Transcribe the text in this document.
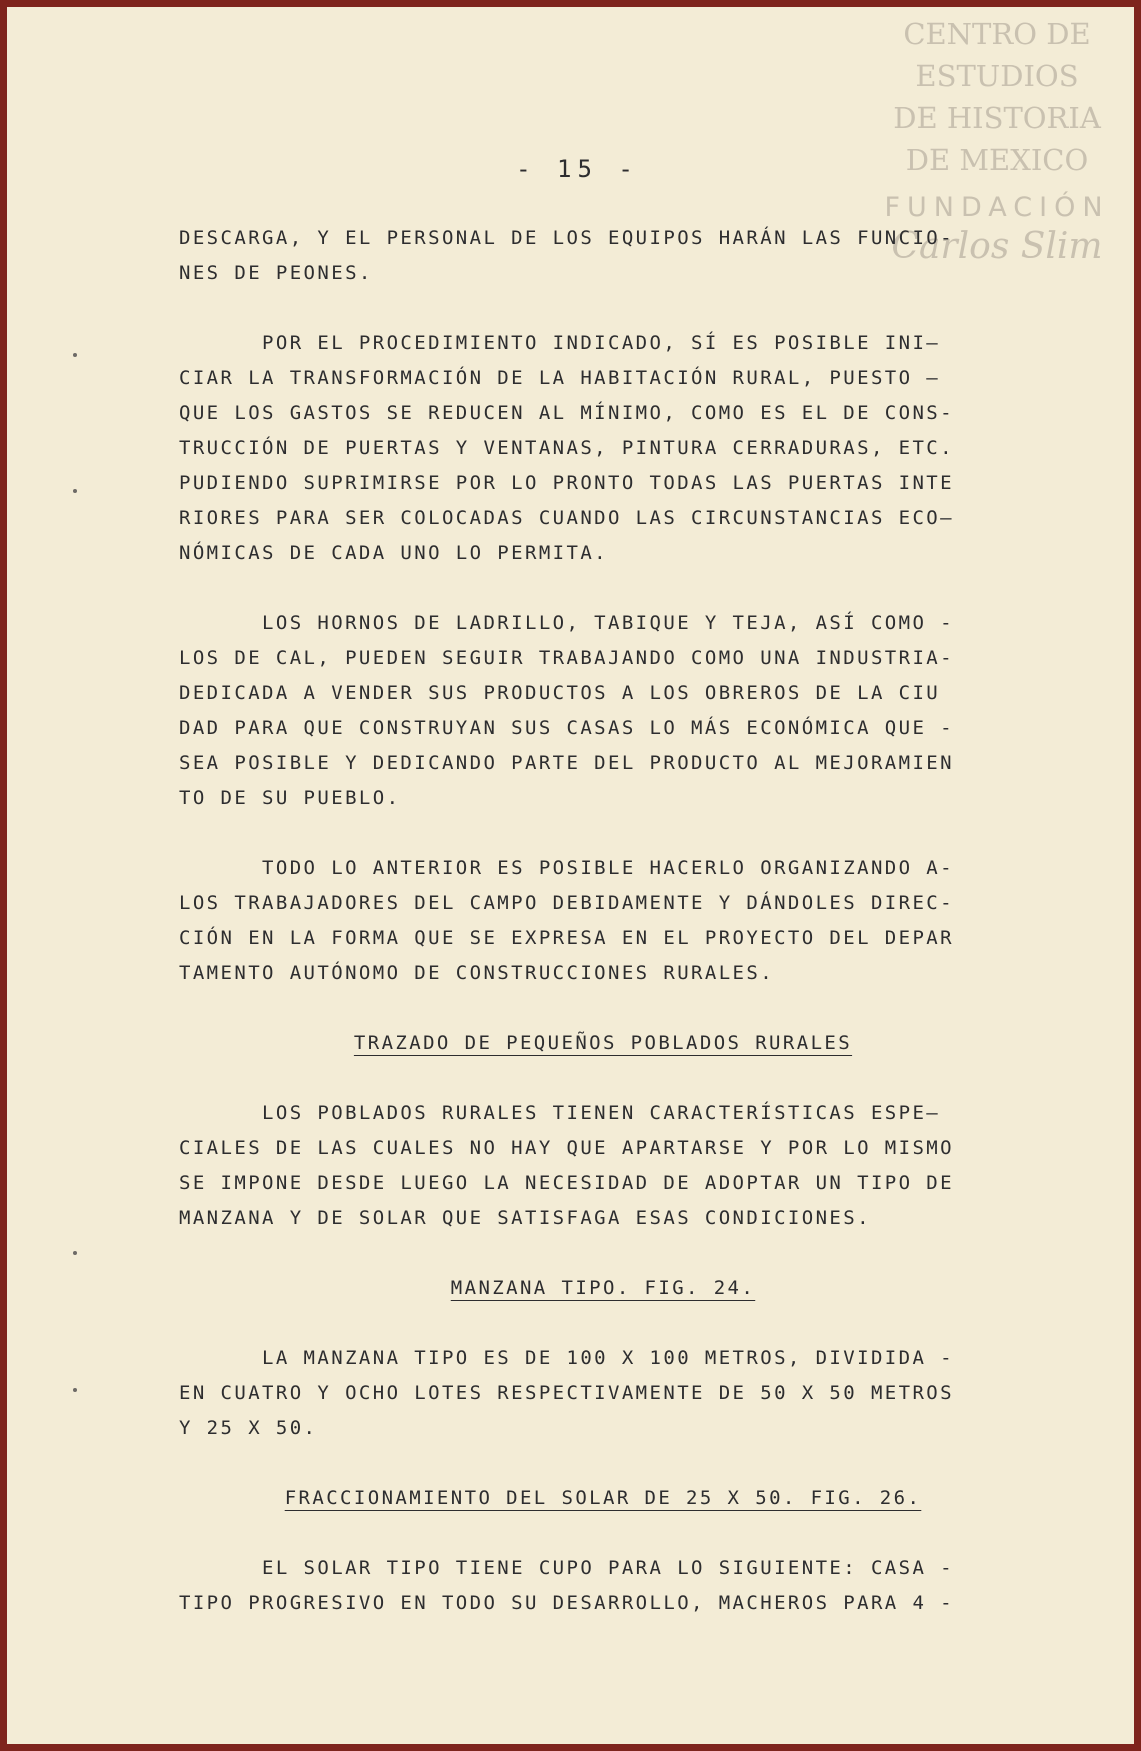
CENTRO DE
ESTUDIOS
DE HISTORIA
DE MEXICO
FUNDACIÓN
Carlos Slim
- 15 -
DESCARGA, Y EL PERSONAL DE LOS EQUIPOS HARÁN LAS FUNCIO-
NES DE PEONES.
POR EL PROCEDIMIENTO INDICADO, SÍ ES POSIBLE INI—
CIAR LA TRANSFORMACIÓN DE LA HABITACIÓN RURAL, PUESTO —
QUE LOS GASTOS SE REDUCEN AL MÍNIMO, COMO ES EL DE CONS-
TRUCCIÓN DE PUERTAS Y VENTANAS, PINTURA CERRADURAS, ETC.
PUDIENDO SUPRIMIRSE POR LO PRONTO TODAS LAS PUERTAS INTE
RIORES PARA SER COLOCADAS CUANDO LAS CIRCUNSTANCIAS ECO—
NÓMICAS DE CADA UNO LO PERMITA.
LOS HORNOS DE LADRILLO, TABIQUE Y TEJA, ASÍ COMO -
LOS DE CAL, PUEDEN SEGUIR TRABAJANDO COMO UNA INDUSTRIA-
DEDICADA A VENDER SUS PRODUCTOS A LOS OBREROS DE LA CIU
DAD PARA QUE CONSTRUYAN SUS CASAS LO MÁS ECONÓMICA QUE -
SEA POSIBLE Y DEDICANDO PARTE DEL PRODUCTO AL MEJORAMIEN
TO DE SU PUEBLO.
TODO LO ANTERIOR ES POSIBLE HACERLO ORGANIZANDO A-
LOS TRABAJADORES DEL CAMPO DEBIDAMENTE Y DÁNDOLES DIREC-
CIÓN EN LA FORMA QUE SE EXPRESA EN EL PROYECTO DEL DEPAR
TAMENTO AUTÓNOMO DE CONSTRUCCIONES RURALES.
TRAZADO DE PEQUEÑOS POBLADOS RURALES
LOS POBLADOS RURALES TIENEN CARACTERÍSTICAS ESPE—
CIALES DE LAS CUALES NO HAY QUE APARTARSE Y POR LO MISMO
SE IMPONE DESDE LUEGO LA NECESIDAD DE ADOPTAR UN TIPO DE
MANZANA Y DE SOLAR QUE SATISFAGA ESAS CONDICIONES.
MANZANA TIPO. FIG. 24.
LA MANZANA TIPO ES DE 100 X 100 METROS, DIVIDIDA -
EN CUATRO Y OCHO LOTES RESPECTIVAMENTE DE 50 X 50 METROS
Y 25 X 50.
FRACCIONAMIENTO DEL SOLAR DE 25 X 50. FIG. 26.
EL SOLAR TIPO TIENE CUPO PARA LO SIGUIENTE: CASA -
TIPO PROGRESIVO EN TODO SU DESARROLLO, MACHEROS PARA 4 -
